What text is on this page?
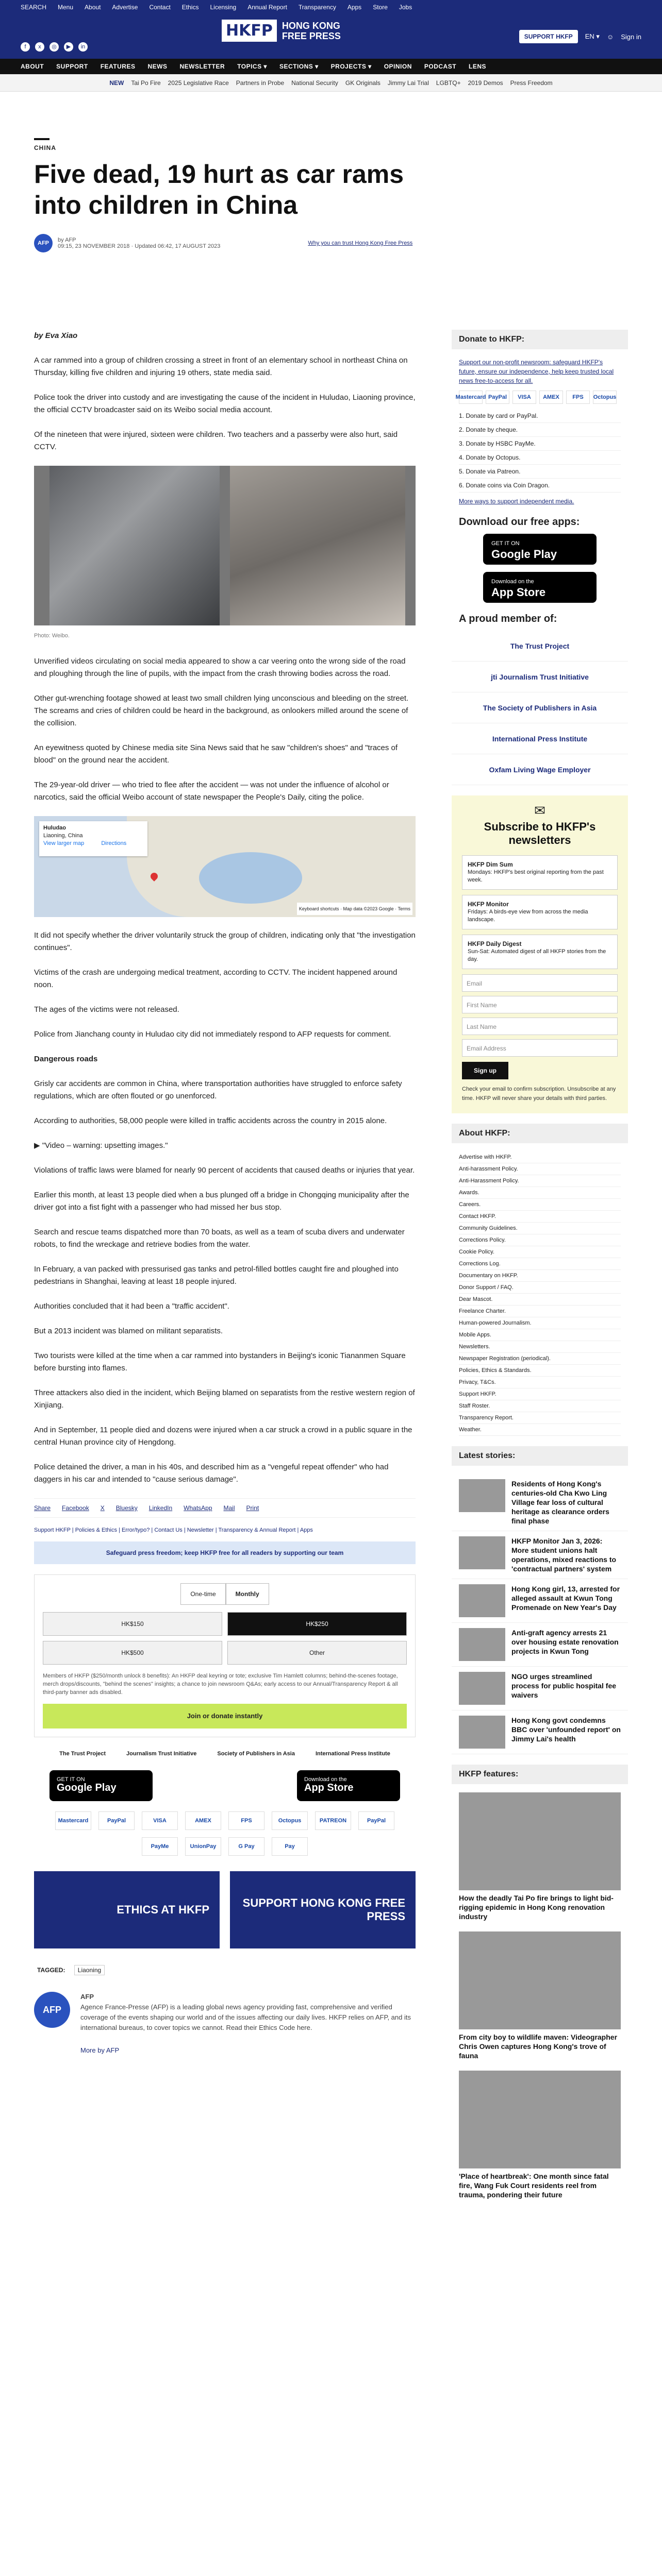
SEARCH Menu About Advertise Contact Ethics Licensing Annual Report Transparency Apps Store Jobs
f	x	◎	▶	in
HKFP	HONG KONG
FREE PRESS	SUPPORT HKFP	EN ▾ ☺ Sign in
ABOUT SUPPORT FEATURES NEWS NEWSLETTER TOPICS ▾ SECTIONS ▾ PROJECTS ▾ OPINION PODCAST LENS
NEW Tai Po Fire 2025 Legislative Race Partners in Probe National Security GK Originals Jimmy Lai Trial LGBTQ+ 2019 Demos Press Freedom
CHINA
Five dead, 19 hurt as car rams into children in China
AFP	by AFP
09:15, 23 NOVEMBER 2018 · Updated 06:42, 17 AUGUST 2023	Why you can trust Hong Kong Free Press

by Eva Xiao

A car rammed into a group of children crossing a street in front of an elementary school in northeast China on Thursday, killing five children and injuring 19 others, state media said.

Police took the driver into custody and are investigating the cause of the incident in Huludao, Liaoning province, the official CCTV broadcaster said on its Weibo social media account.

Of the nineteen that were injured, sixteen were children. Two teachers and a passerby were also hurt, said CCTV.

Photo: Weibo.

Unverified videos circulating on social media appeared to show a car veering onto the wrong side of the road and ploughing through the line of pupils, with the impact from the crash throwing bodies across the road.

Other gut-wrenching footage showed at least two small children lying unconscious and bleeding on the street. The screams and cries of children could be heard in the background, as onlookers milled around the scene of the collision.

An eyewitness quoted by Chinese media site Sina News said that he saw "children's shoes" and "traces of blood" on the ground near the accident.

The 29-year-old driver — who tried to flee after the accident — was not under the influence of alcohol or narcotics, said the official Weibo account of state newspaper the People's Daily, citing the police.

Huludao
Liaoning, China
View larger map	Directions
Keyboard shortcuts · Map data ©2023 Google · Terms

It did not specify whether the driver voluntarily struck the group of children, indicating only that "the investigation continues".

Victims of the crash are undergoing medical treatment, according to CCTV. The incident happened around noon.

The ages of the victims were not released.

Police from Jianchang county in Huludao city did not immediately respond to AFP requests for comment.

Dangerous roads

Grisly car accidents are common in China, where transportation authorities have struggled to enforce safety regulations, which are often flouted or go unenforced.

According to authorities, 58,000 people were killed in traffic accidents across the country in 2015 alone.

▶ "Video – warning: upsetting images."

Violations of traffic laws were blamed for nearly 90 percent of accidents that caused deaths or injuries that year.

Earlier this month, at least 13 people died when a bus plunged off a bridge in Chongqing municipality after the driver got into a fist fight with a passenger who had missed her bus stop.

Search and rescue teams dispatched more than 70 boats, as well as a team of scuba divers and underwater robots, to find the wreckage and retrieve bodies from the water.

In February, a van packed with pressurised gas tanks and petrol-filled bottles caught fire and ploughed into pedestrians in Shanghai, leaving at least 18 people injured.

Authorities concluded that it had been a "traffic accident".

But a 2013 incident was blamed on militant separatists.

Two tourists were killed at the time when a car rammed into bystanders in Beijing's iconic Tiananmen Square before bursting into flames.

Three attackers also died in the incident, which Beijing blamed on separatists from the restive western region of Xinjiang.

And in September, 11 people died and dozens were injured when a car struck a crowd in a public square in the central Hunan province city of Hengdong.

Police detained the driver, a man in his 40s, and described him as a "vengeful repeat offender" who had daggers in his car and intended to "cause serious damage".

Share Facebook X Bluesky LinkedIn WhatsApp Mail Print
Support HKFP | Policies & Ethics | Error/typo? | Contact Us | Newsletter | Transparency & Annual Report | Apps
Safeguard press freedom; keep HKFP free for all readers by supporting our team
One-time	Monthly
HK$150	HK$250
HK$500	Other
Members of HKFP ($250/month unlock 8 benefits): An HKFP deal keyring or tote; exclusive Tim Hamlett columns; behind-the-scenes footage, merch drops/discounts, "behind the scenes" insights; a chance to join newsroom Q&As; early access to our Annual/Transparency Report & all third-party banner ads disabled.
Join or donate instantly
The Trust Project	Journalism Trust Initiative	Society of Publishers in Asia	International Press Institute
GET IT ON
Google Play
Download on the
App Store
Mastercard	PayPal	VISA	AMEX	FPS	Octopus	PATREON	PayPal
PayMe	UnionPay	G Pay	Pay
ETHICS AT HKFP
SUPPORT HONG KONG FREE PRESS
TAGGED: Liaoning
AFP
AFP

Agence France-Presse (AFP) is a leading global news agency providing fast, comprehensive and verified coverage of the events shaping our world and of the issues affecting our daily lives. HKFP relies on AFP, and its international bureaus, to cover topics we cannot. Read their Ethics Code here.

More by AFP

Donate to HKFP:

Support our non-profit newsroom: safeguard HKFP's future, ensure our independence, help keep trusted local news free-to-access for all.

Mastercard PayPal	VISA	AMEX	FPS	Octopus
1. Donate by card or PayPal.
2. Donate by cheque.
3. Donate by HSBC PayMe.
4. Donate by Octopus.
5. Donate via Patreon.
6. Donate coins via Coin Dragon.

More ways to support independent media.

Download our free apps:
GET IT ON
Google Play
Download on the
App Store
A proud member of:
The Trust Project
jti Journalism Trust Initiative
The Society of Publishers in Asia
International Press Institute
Oxfam Living Wage Employer
✉
Subscribe to HKFP's newsletters
HKFP Dim Sum
Mondays: HKFP's best original reporting from the past week.
HKFP Monitor
Fridays: A birds-eye view from across the media landscape.
HKFP Daily Digest
Sun-Sat: Automated digest of all HKFP stories from the day.
Email
First Name
Last Name
Email Address
Sign up

Check your email to confirm subscription. Unsubscribe at any time. HKFP will never share your details with third parties.

About HKFP:
Advertise with HKFP.
Anti-harassment Policy.
Anti-Harassment Policy.
Awards.
Careers.
Contact HKFP.
Community Guidelines.
Corrections Policy.
Cookie Policy.
Corrections Log.
Documentary on HKFP.
Donor Support / FAQ.
Dear Mascot.
Freelance Charter.
Human-powered Journalism.
Mobile Apps.
Newsletters.
Newspaper Registration (periodical).
Policies, Ethics & Standards.
Privacy, T&Cs.
Support HKFP.
Staff Roster.
Transparency Report.
Weather.
Latest stories:
Residents of Hong Kong's centuries-old Cha Kwo Ling Village fear loss of cultural heritage as clearance orders final phase
HKFP Monitor Jan 3, 2026: More student unions halt operations, mixed reactions to 'contractual partners' system
Hong Kong girl, 13, arrested for alleged assault at Kwun Tong Promenade on New Year's Day
Anti-graft agency arrests 21 over housing estate renovation projects in Kwun Tong
NGO urges streamlined process for public hospital fee waivers
Hong Kong govt condemns BBC over 'unfounded report' on Jimmy Lai's health
HKFP features:
How the deadly Tai Po fire brings to light bid-rigging epidemic in Hong Kong renovation industry
From city boy to wildlife maven: Videographer Chris Owen captures Hong Kong's trove of fauna
'Place of heartbreak': One month since fatal fire, Wang Fuk Court residents reel from trauma, pondering their future
